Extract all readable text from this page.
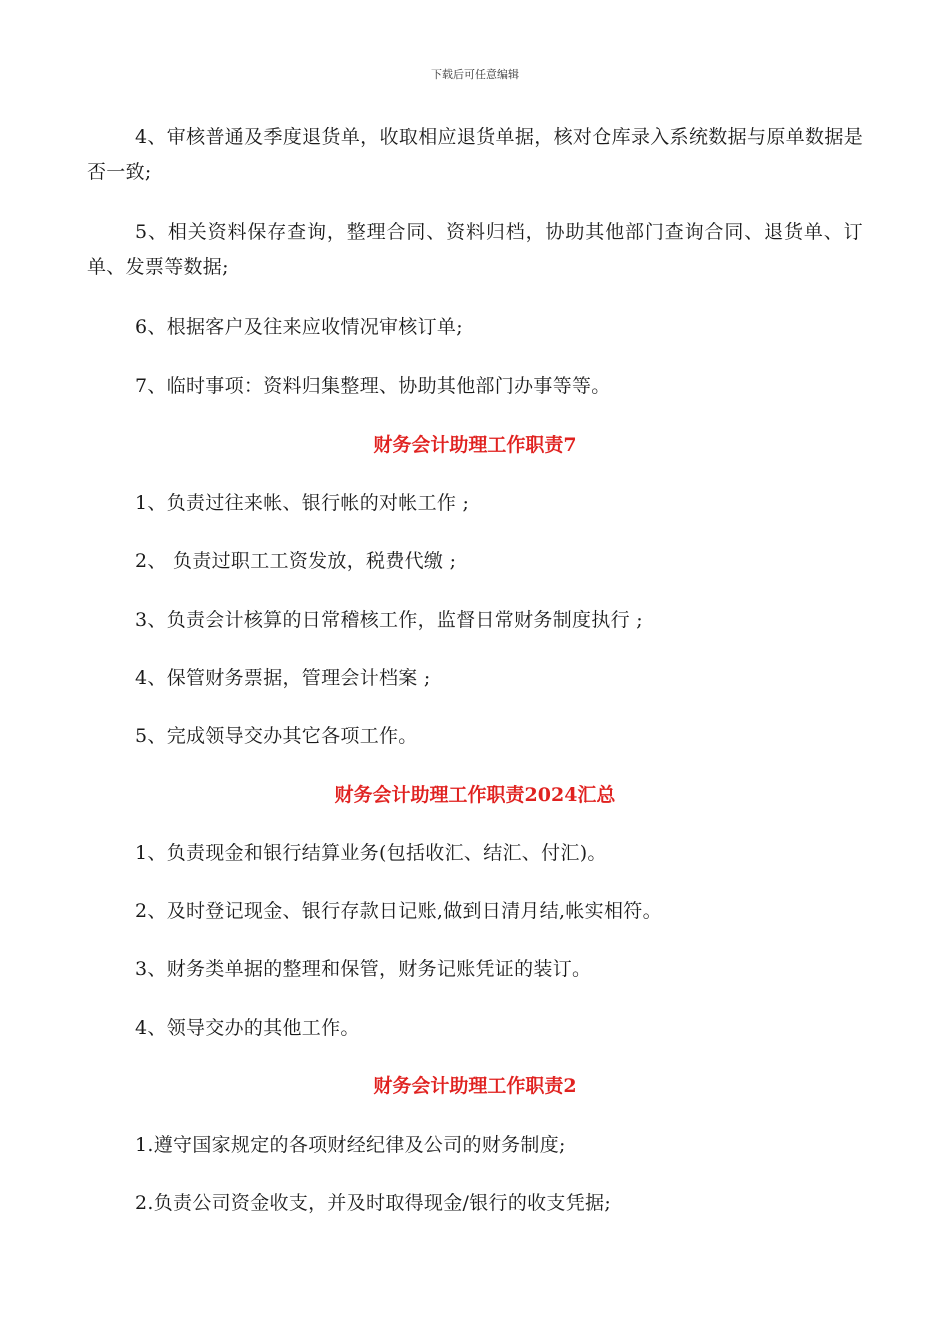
下载后可任意编辑
4、审核普通及季度退货单，收取相应退货单据，核对仓库录入系统数据与原单数据是否一致;
5、相关资料保存查询，整理合同、资料归档，协助其他部门查询合同、退货单、订单、发票等数据;
6、根据客户及往来应收情况审核订单;
7、临时事项：资料归集整理、协助其他部门办事等等。
财务会计助理工作职责7
1、负责过往来帐、银行帐的对帐工作 ;
2、 负责过职工工资发放，税费代缴 ;
3、负责会计核算的日常稽核工作，监督日常财务制度执行 ;
4、保管财务票据，管理会计档案 ;
5、完成领导交办其它各项工作。
财务会计助理工作职责2024汇总
1、负责现金和银行结算业务(包括收汇、结汇、付汇)。
2、及时登记现金、银行存款日记账,做到日清月结,帐实相符。
3、财务类单据的整理和保管，财务记账凭证的装订。
4、领导交办的其他工作。
财务会计助理工作职责2
1.遵守国家规定的各项财经纪律及公司的财务制度;
2.负责公司资金收支，并及时取得现金/银行的收支凭据;
